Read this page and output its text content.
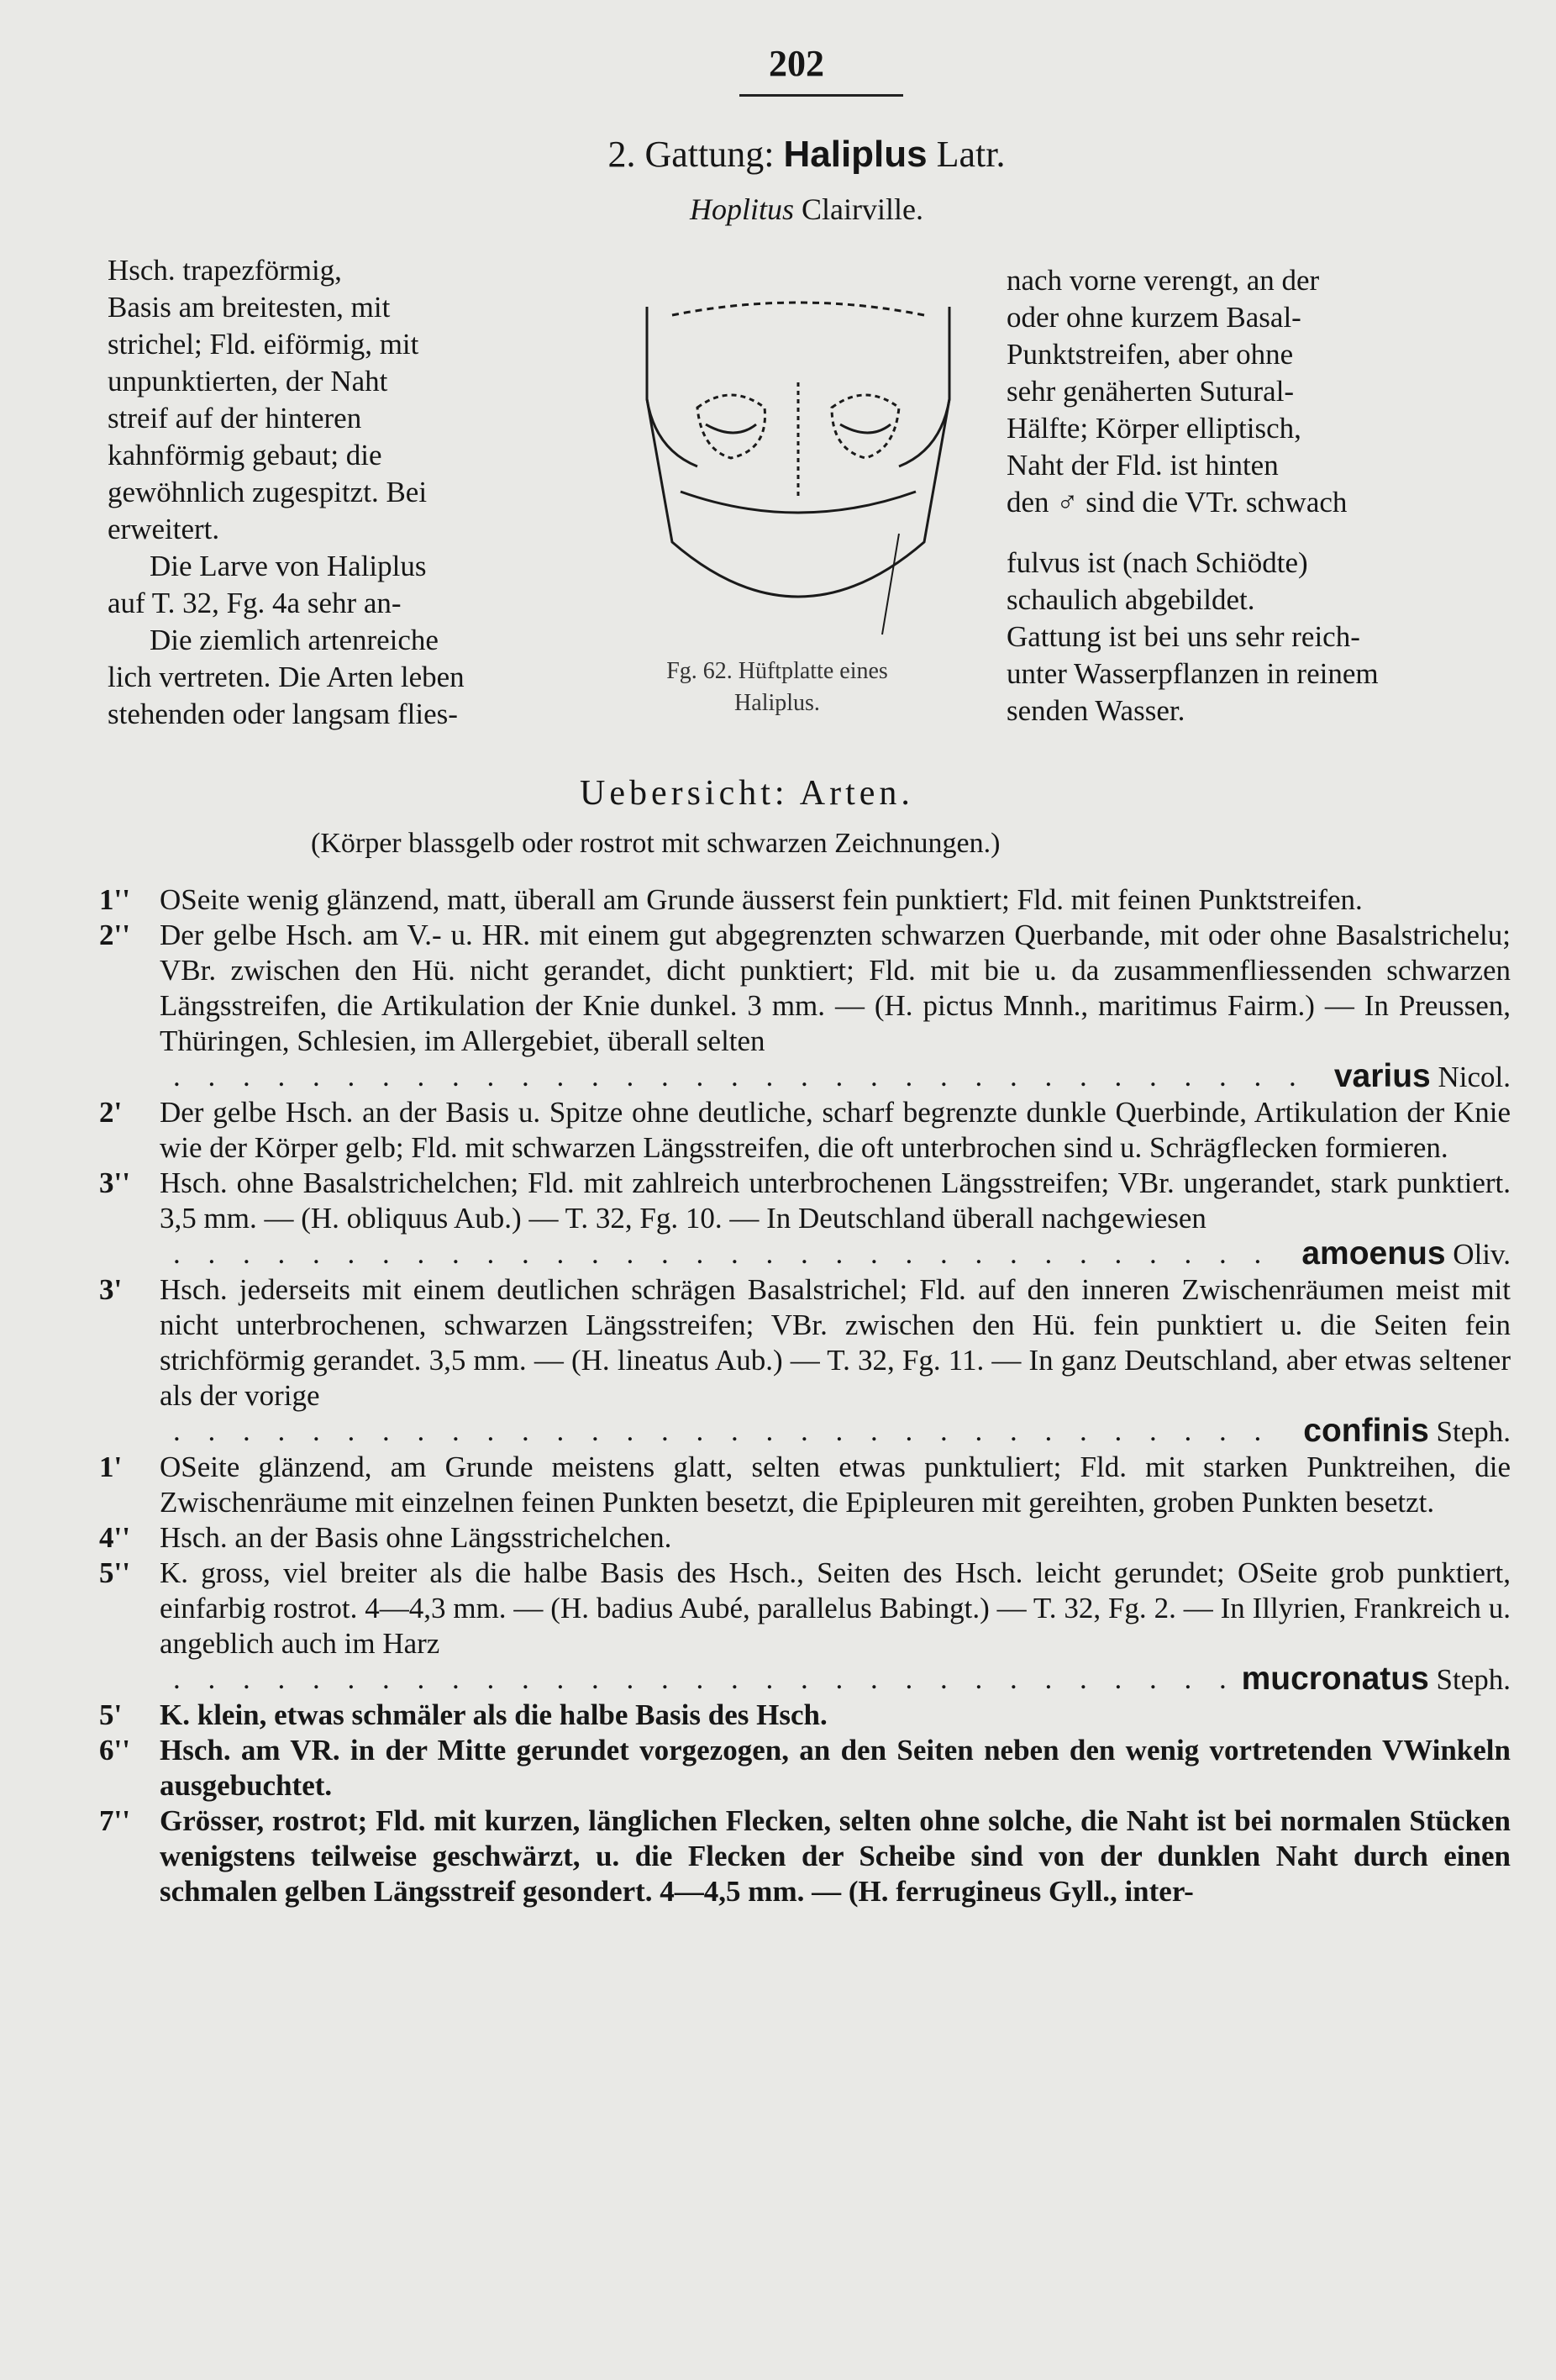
202
2. Gattung: Haliplus Latr.
Hoplitus Clairville.

Hsch. trapezförmig,

Basis am breitesten, mit

strichel; Fld. eiförmig, mit

unpunktierten, der Naht

streif auf der hinteren

kahnförmig gebaut; die

gewöhnlich zugespitzt. Bei

erweitert.

Die Larve von Haliplus

auf T. 32, Fg. 4a sehr an-

Die ziemlich artenreiche

lich vertreten. Die Arten leben

stehenden oder langsam flies-

Fg. 62. Hüftplatte eines
Haliplus.

nach vorne verengt, an der

oder ohne kurzem Basal-

Punktstreifen, aber ohne

sehr genäherten Sutural-

Hälfte; Körper elliptisch,

Naht der Fld. ist hinten

den ♂ sind die VTr. schwach

fulvus ist (nach Schiödte)

schaulich abgebildet.

Gattung ist bei uns sehr reich-

unter Wasserpflanzen in reinem

senden Wasser.

Uebersicht: Arten.
(Körper blassgelb oder rostrot mit schwarzen Zeichnungen.)

1'' OSeite wenig glänzend, matt, überall am Grunde äusserst fein punktiert; Fld. mit feinen Punktstreifen.

2'' Der gelbe Hsch. am V.- u. HR. mit einem gut abgegrenzten schwarzen Querbande, mit oder ohne Basalstrichelu; VBr. zwischen den Hü. nicht gerandet, dicht punktiert; Fld. mit bie u. da zusammenfliessenden schwarzen Längsstreifen, die Artikulation der Knie dunkel. 3 mm. — (H. pictus Mnnh., maritimus Fairm.) — In Preussen, Thüringen, Schlesien, im Allergebiet, überall selten
. . .
varius Nicol.

2' Der gelbe Hsch. an der Basis u. Spitze ohne deutliche, scharf begrenzte dunkle Querbinde, Artikulation der Knie wie der Körper gelb; Fld. mit schwarzen Längsstreifen, die oft unterbrochen sind u. Schrägflecken formieren.

3'' Hsch. ohne Basalstrichelchen; Fld. mit zahlreich unterbrochenen Längsstreifen; VBr. ungerandet, stark punktiert. 3,5 mm. — (H. obliquus Aub.) — T. 32, Fg. 10. — In Deutschland überall nachgewiesen
. . .
amoenus Oliv.

3' Hsch. jederseits mit einem deutlichen schrägen Basalstrichel; Fld. auf den inneren Zwischenräumen meist mit nicht unterbrochenen, schwarzen Längsstreifen; VBr. zwischen den Hü. fein punktiert u. die Seiten fein strichförmig gerandet. 3,5 mm. — (H. lineatus Aub.) — T. 32, Fg. 11. — In ganz Deutschland, aber etwas seltener als der vorige
. . .
confinis Steph.

1' OSeite glänzend, am Grunde meistens glatt, selten etwas punktuliert; Fld. mit starken Punktreihen, die Zwischenräume mit einzelnen feinen Punkten besetzt, die Epipleuren mit gereihten, groben Punkten besetzt.

4'' Hsch. an der Basis ohne Längsstrichelchen.

5'' K. gross, viel breiter als die halbe Basis des Hsch., Seiten des Hsch. leicht gerundet; OSeite grob punktiert, einfarbig rostrot. 4—4,3 mm. — (H. badius Aubé, parallelus Babingt.) — T. 32, Fg. 2. — In Illyrien, Frankreich u. angeblich auch im Harz
. . .
mucronatus Steph.

5' K. klein, etwas schmäler als die halbe Basis des Hsch.

6'' Hsch. am VR. in der Mitte gerundet vorgezogen, an den Seiten neben den wenig vortretenden VWinkeln ausgebuchtet.

7'' Grösser, rostrot; Fld. mit kurzen, länglichen Flecken, selten ohne solche, die Naht ist bei normalen Stücken wenigstens teilweise geschwärzt, u. die Flecken der Scheibe sind von der dunklen Naht durch einen schmalen gelben Längsstreif gesondert. 4—4,5 mm. — (H. ferrugineus Gyll., inter-
